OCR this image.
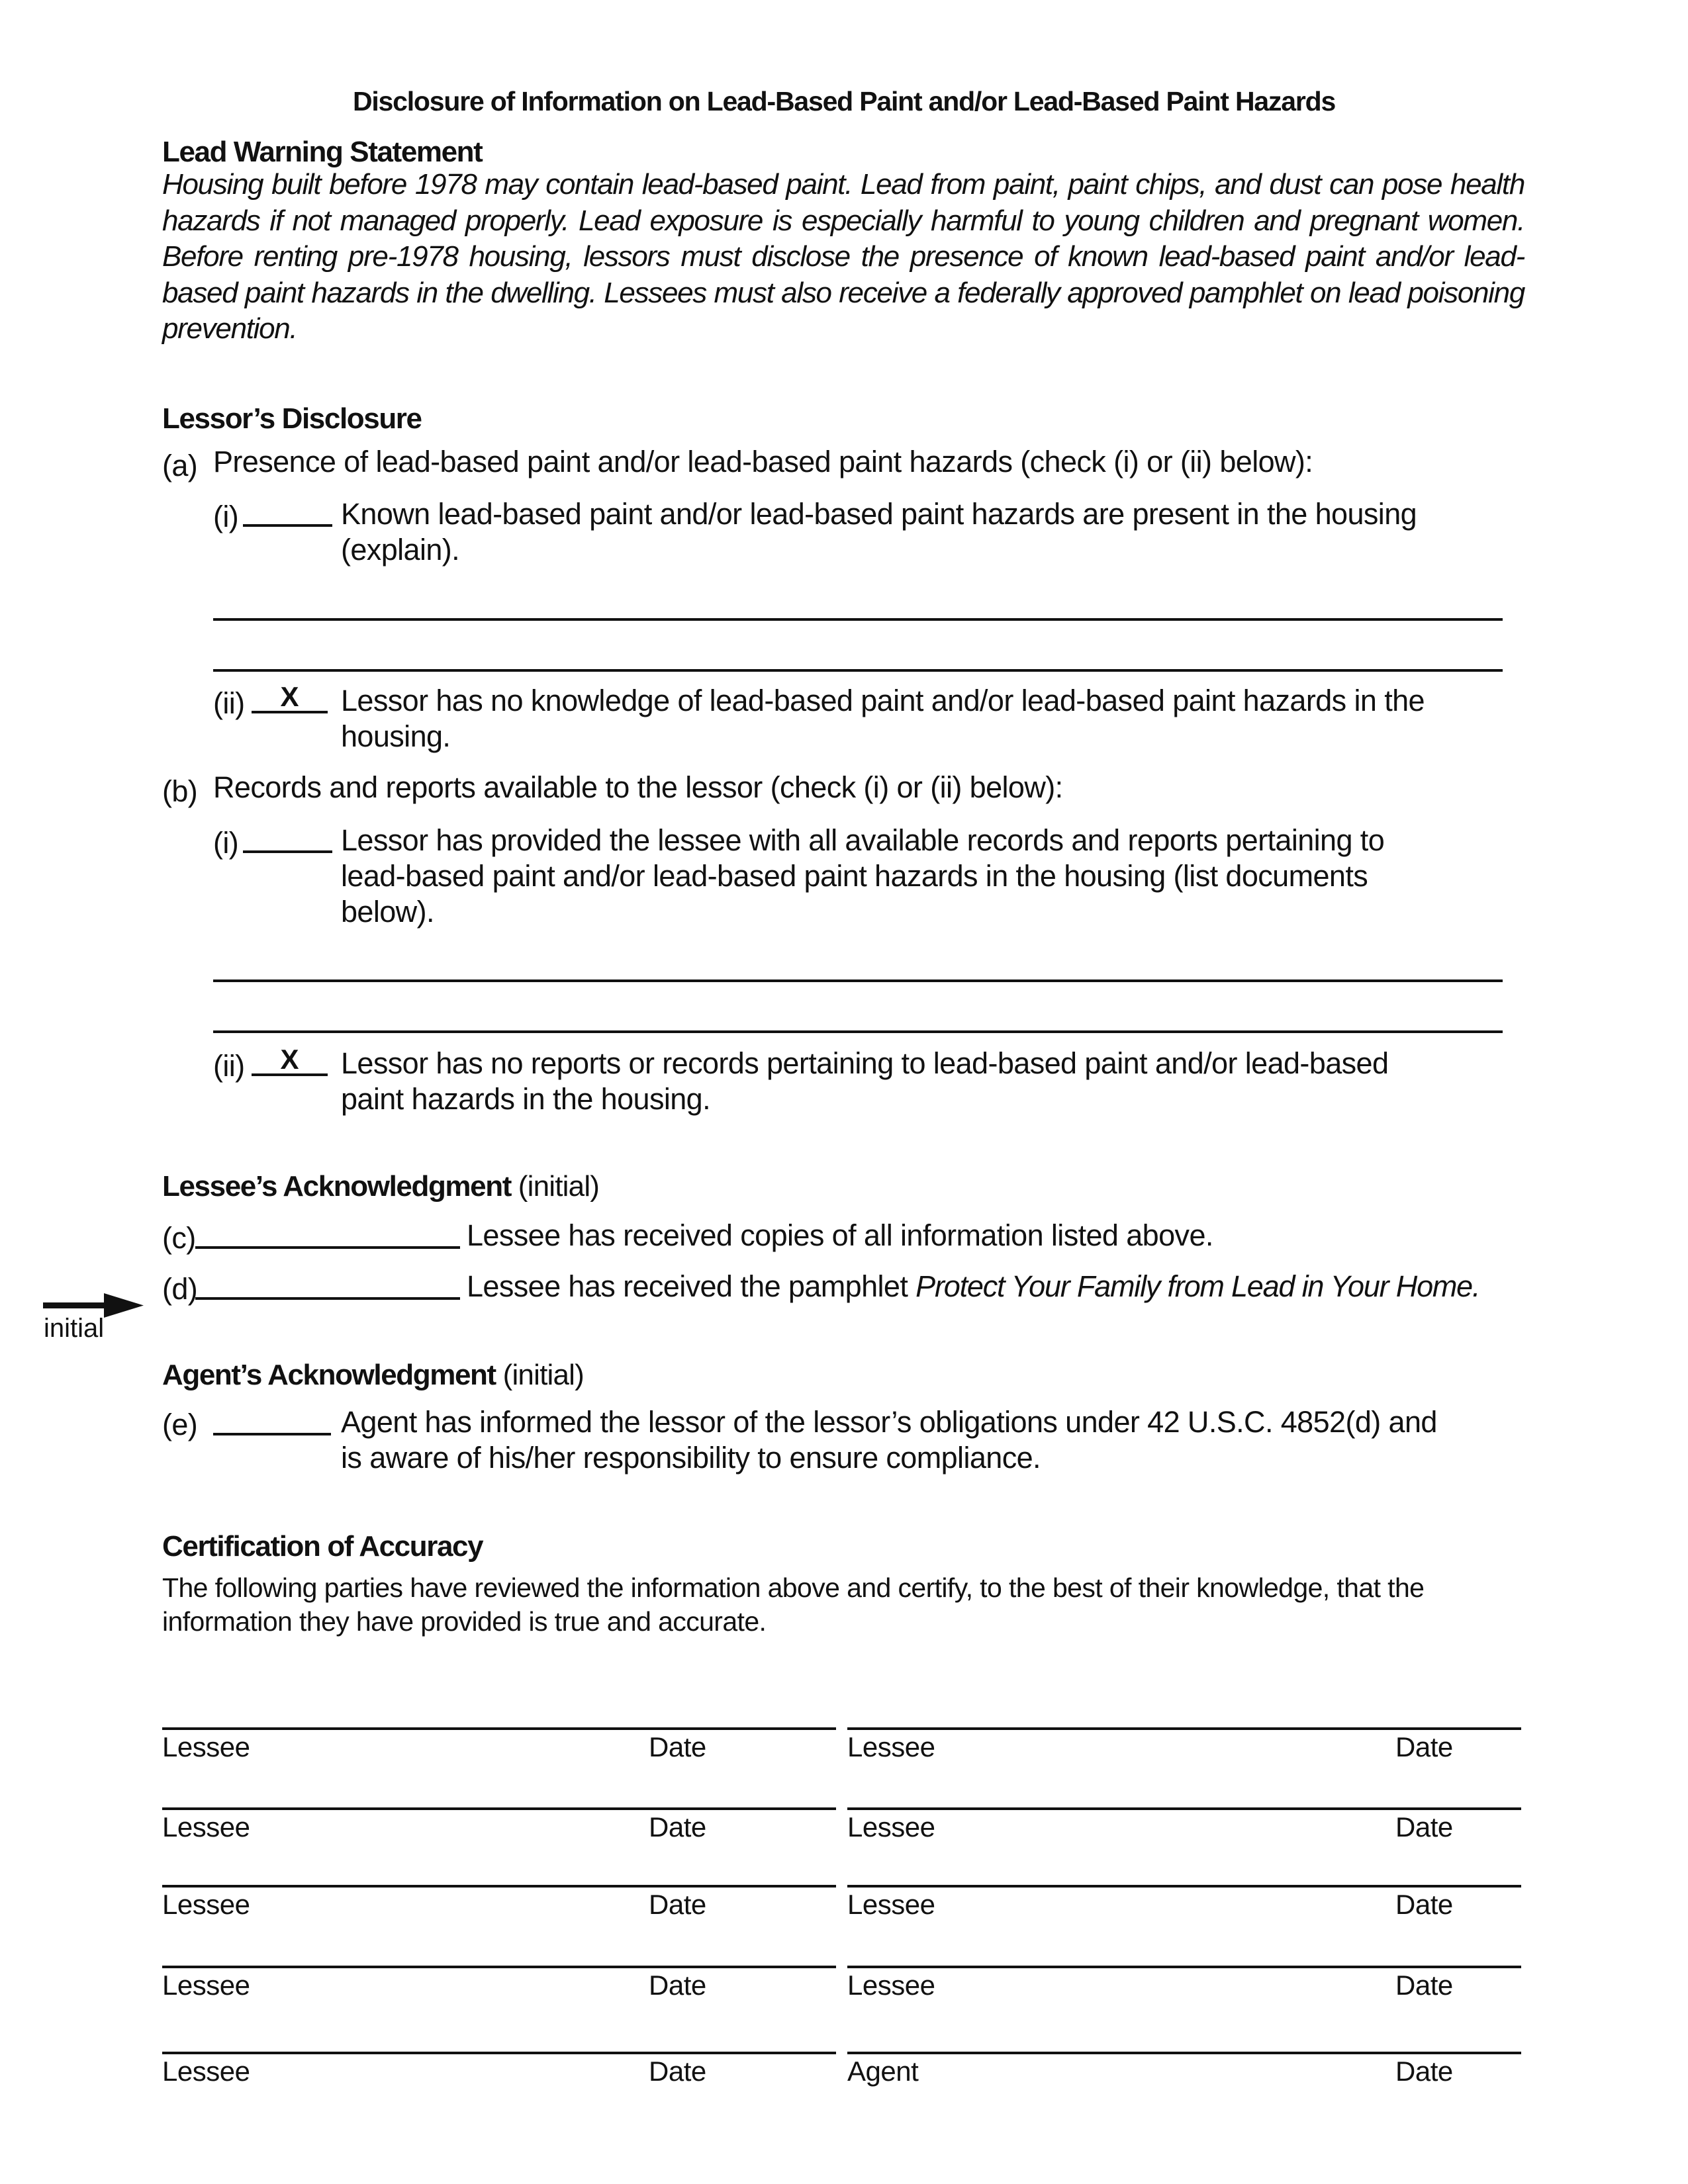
Disclosure of Information on Lead-Based Paint and/or Lead-Based Paint Hazards
Lead Warning Statement
Housing built before 1978 may contain lead-based paint. Lead from paint, paint chips, and dust can pose health hazards if not managed properly. Lead exposure is especially harmful to young children and pregnant women. Before renting pre-1978 housing, lessors must disclose the presence of known lead-based paint and/or lead-based paint hazards in the dwelling. Lessees must also receive a federally approved pamphlet on lead poisoning prevention.
Lessor’s Disclosure
(a) Presence of lead-based paint and/or lead-based paint hazards (check (i) or (ii) below):
(i)	Known lead-based paint and/or lead-based paint hazards are present in the housing
(explain).
(ii)	X	Lessor has no knowledge of lead-based paint and/or lead-based paint hazards in the
housing.
(b) Records and reports available to the lessor (check (i) or (ii) below):
(i)	Lessor has provided the lessee with all available records and reports pertaining to
lead-based paint and/or lead-based paint hazards in the housing (list documents
below).
(ii)	X	Lessor has no reports or records pertaining to lead-based paint and/or lead-based
paint hazards in the housing.
Lessee’s Acknowledgment (initial)
(c)	Lessee has received copies of all information listed above.
initial
(d)	Lessee has received the pamphlet Protect Your Family from Lead in Your Home.
Agent’s Acknowledgment (initial)
(e)	Agent has informed the lessor of the lessor’s obligations under 42 U.S.C. 4852(d) and
is aware of his/her responsibility to ensure compliance.
Certification of Accuracy
The following parties have reviewed the information above and certify, to the best of their knowledge, that the information they have provided is true and accurate.
Lessee	Date	Lessee	Date
Lessee	Date	Lessee	Date
Lessee	Date	Lessee	Date
Lessee	Date	Lessee	Date
Lessee	Date	Agent	Date
